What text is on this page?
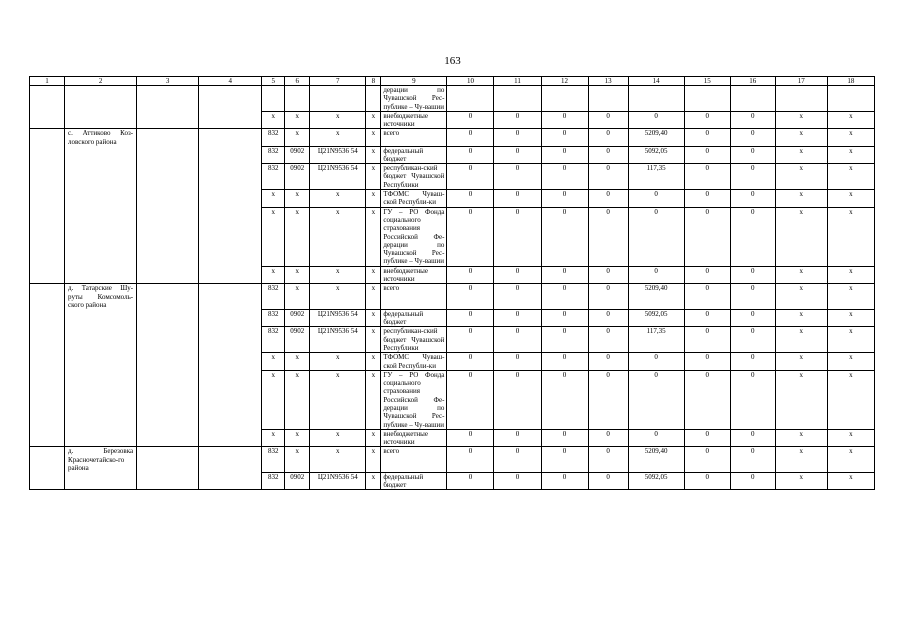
163
1	2	3	4	5	6	7	8	9	10	11	12	13	14	15	16	17	18
								дерации по Чувашской Рес-публике – Чу-вашии									
				х	х	х	х	внебюджетные источники	0	0	0	0	0	0	0	х	х
	с. Аттиково Коз-ловского района			832	х	х	х	всего	0	0	0	0	5209,40	0	0	х	х
				832	0902	Ц21N9536 54	х	федеральный бюджет	0	0	0	0	5092,05	0	0	х	х
				832	0902	Ц21N9536 54	х	республикан-ский бюджет Чувашской Республики	0	0	0	0	117,35	0	0	х	х
				х	х	х	х	ТФОМС Чуваш-ской Республи-ки	0	0	0	0	0	0	0	х	х
				х	х	х	х	ГУ – РО Фонда социального страхования Российской Фе-дерации по Чувашской Рес-публике – Чу-вашии	0	0	0	0	0	0	0	х	х
				х	х	х	х	внебюджетные источники	0	0	0	0	0	0	0	х	х
	д. Татарские Шу-руты Комсомоль-ского района			832	х	х	х	всего	0	0	0	0	5209,40	0	0	х	х
				832	0902	Ц21N9536 54	х	федеральный бюджет	0	0	0	0	5092,05	0	0	х	х
				832	0902	Ц21N9536 54	х	республикан-ский бюджет Чувашской Республики	0	0	0	0	117,35	0	0	х	х
				х	х	х	х	ТФОМС Чуваш-ской Республи-ки	0	0	0	0	0	0	0	х	х
				х	х	х	х	ГУ – РО Фонда социального страхования Российской Фе-дерации по Чувашской Рес-публике – Чу-вашии	0	0	0	0	0	0	0	х	х
				х	х	х	х	внебюджетные источники	0	0	0	0	0	0	0	х	х
	д. Березовка Красночетайско-го района			832	х	х	х	всего	0	0	0	0	5209,40	0	0	х	х
				832	0902	Ц21N9536 54	х	федеральный бюджет	0	0	0	0	5092,05	0	0	х	х
